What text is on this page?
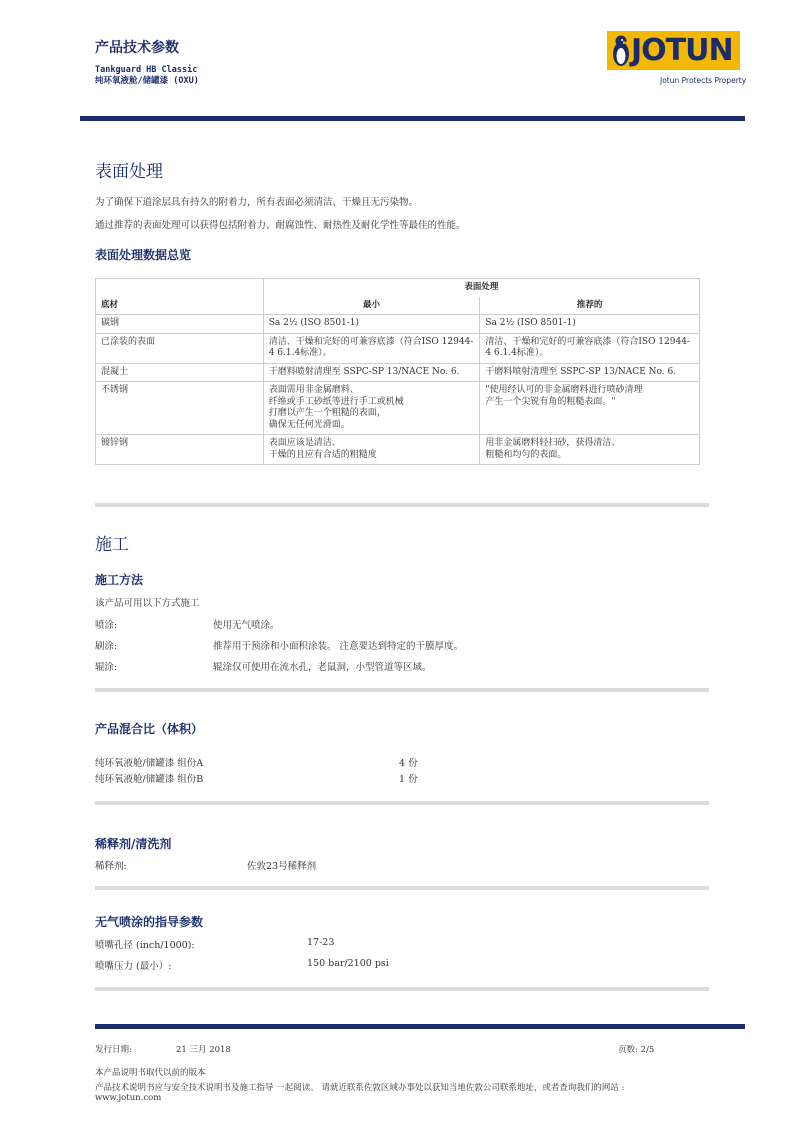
产品技术参数
Tankguard HB Classic
纯环氧液舱/储罐漆 (OXU)
JOTUN
Jotun Protects Property
表面处理
为了确保下道涂层具有持久的附着力，所有表面必须清洁、干燥且无污染物。
通过推荐的表面处理可以获得包括附着力、耐腐蚀性、耐热性及耐化学性等最佳的性能。
表面处理数据总览
底材	表面处理	
	最小	推荐的
碳钢	Sa 2½ (ISO 8501-1)	Sa 2½ (ISO 8501-1)
已涂装的表面	清洁、干燥和完好的可兼容底漆（符合ISO 12944-4 6.1.4标准）。	清洁、干燥和完好的可兼容底漆（符合ISO 12944-4 6.1.4标准）。
混凝土	干磨料喷射清理至 SSPC-SP 13/NACE No. 6.	干磨料喷射清理至 SSPC-SP 13/NACE No. 6.
不锈钢	表面需用非金属磨料、
纤维或手工砂纸等进行手工或机械
打磨以产生一个粗糙的表面，
确保无任何光滑面。	"使用经认可的非金属磨料进行喷砂清理
产生一个尖锐有角的粗糙表面。"
镀锌钢	表面应该是清洁、
干燥的且应有合适的粗糙度	用非金属磨料轻扫砂，获得清洁、
粗糙和均匀的表面。
施工
施工方法
该产品可用以下方式施工
喷涂:	使用无气喷涂。
刷涂:	推荐用于预涂和小面积涂装。 注意要达到特定的干膜厚度。
辊涂:	辊涂仅可使用在流水孔，老鼠洞，小型管道等区域。
产品混合比（体积）
纯环氧液舱/储罐漆 组份A	4 份
纯环氧液舱/储罐漆 组份B	1 份
稀释剂/清洗剂
稀释剂:	佐敦23号稀释剂
无气喷涂的指导参数
喷嘴孔径 (inch/1000):	17-23
喷嘴压力 (最小）:	150 bar/2100 psi
发行日期:	21 三月 2018	页数: 2/5
本产品说明书取代以前的版本
产品技术说明书应与安全技术说明书及施工指导 一起阅读。 请就近联系佐敦区域办事处以获知当地佐敦公司联系地址，或者查询我们的网站 :
www.jotun.com
